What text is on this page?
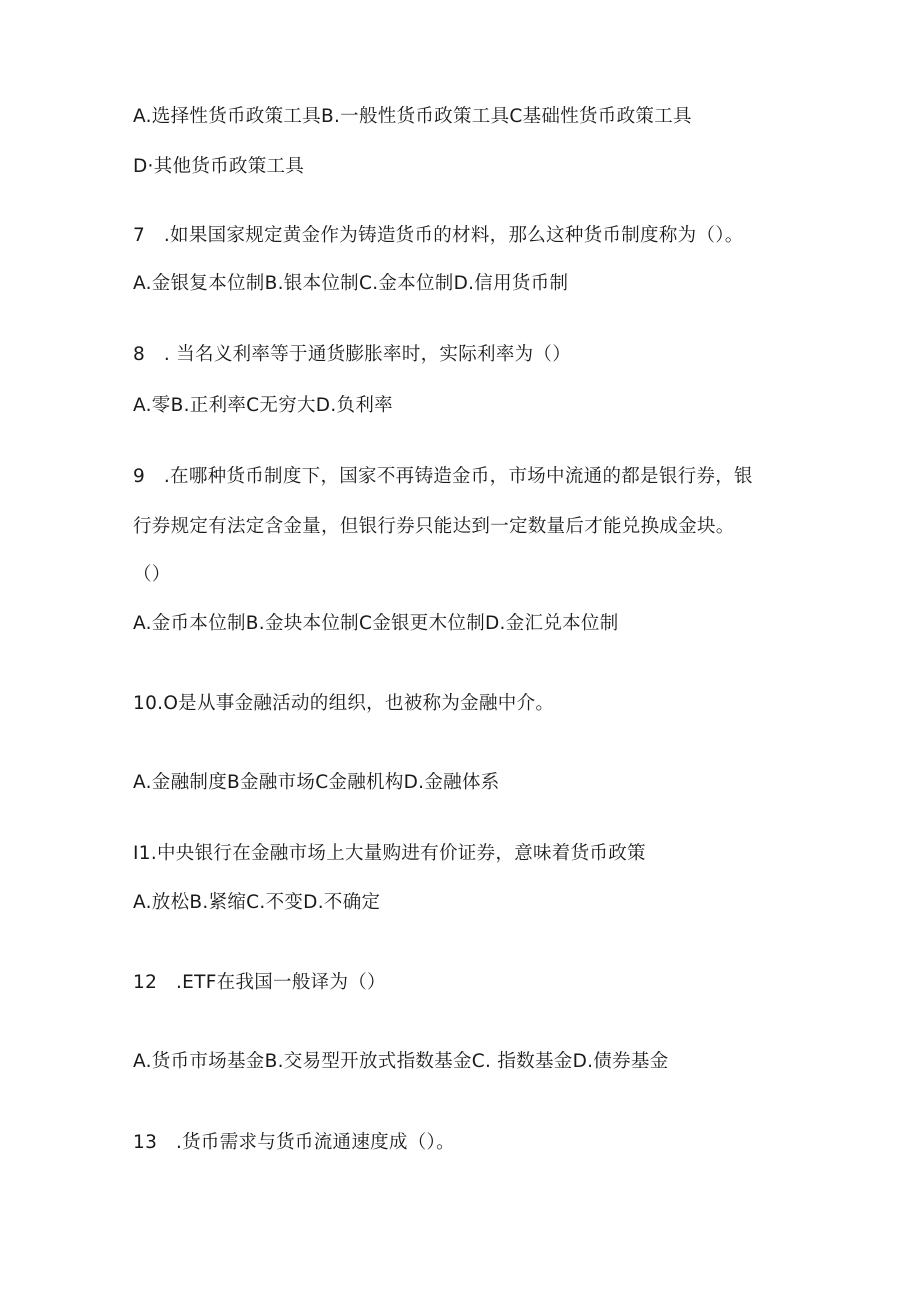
A.选择性货币政策工具B.一般性货币政策工具C基础性货币政策工具
D·其他货币政策工具
7　.如果国家规定黄金作为铸造货币的材料，那么这种货币制度称为（）。
A.金银复本位制B.银本位制C.金本位制D.信用货币制
8　. 当名义利率等于通货膨胀率时，实际利率为（）
A.零B.正利率C无穷大D.负利率
9　.在哪种货币制度下，国家不再铸造金币，市场中流通的都是银行券，银
行券规定有法定含金量，但银行券只能达到一定数量后才能兑换成金块。
（）
A.金币本位制B.金块本位制C金银更木位制D.金汇兑本位制
10.O是从事金融活动的组织，也被称为金融中介。
A.金融制度B金融市场C金融机构D.金融体系
I1.中央银行在金融市场上大量购进有价证券，意味着货币政策
A.放松B.紧缩C.不变D.不确定
12　.ETF在我国一般译为（）
A.货币市场基金B.交易型开放式指数基金C. 指数基金D.债券基金
13　.货币需求与货币流通速度成（）。
